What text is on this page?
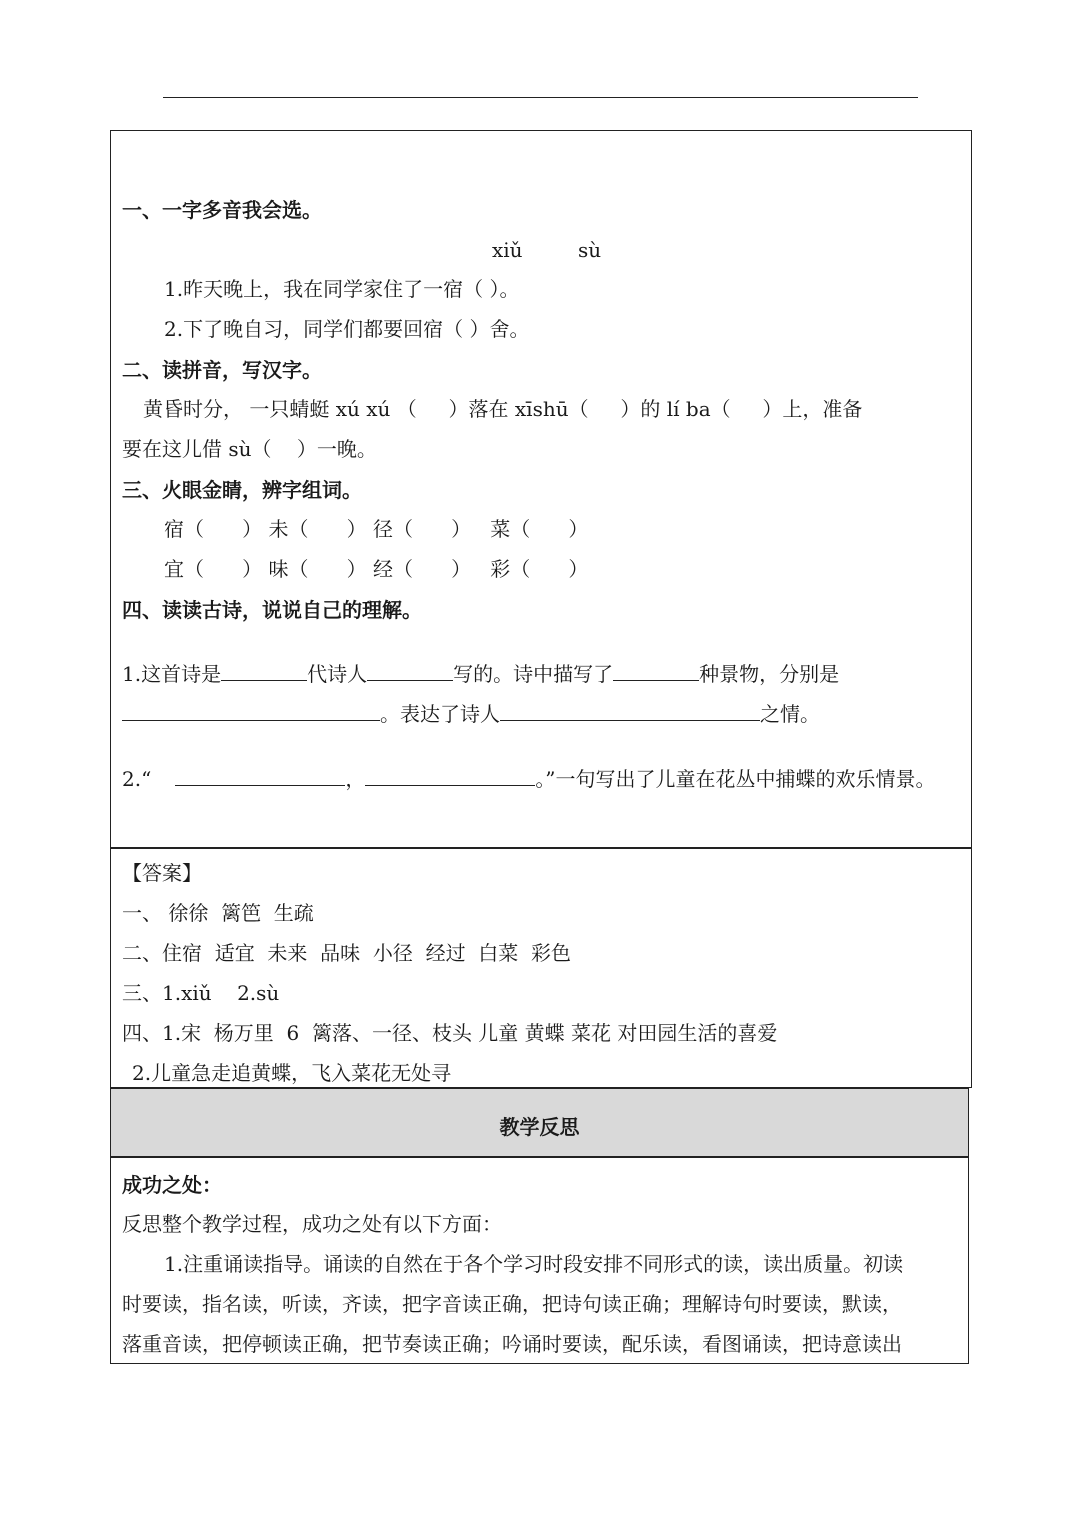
一、一字多音我会选。
xiǔ	sù
1.昨天晚上，我在同学家住了一宿（ ）。
2.下了晚自习，同学们都要回宿（ ）舍。
二、读拼音，写汉字。
黄昏时分， 一只蜻蜓 xú xú （     ）落在 xīshū（     ）的 lí ba（     ）上，准备
要在这儿借 sù（    ）一晚。
三、火眼金睛，辨字组词。
宿（      ） 未（      ） 径（      ）   菜（      ）
宜（      ） 味（      ） 经（      ）   彩（      ）
四、读读古诗，说说自己的理解。
1.这首诗是	代诗人	写的。诗中描写了	种景物，分别是
。表达了诗人	之情。
2.“	，	。”一句写出了儿童在花丛中捕蝶的欢乐情景。
【答案】
一、 徐徐  篱笆  生疏
二、住宿  适宜  未来  品味  小径  经过  白菜  彩色
三、1.xiǔ    2.sù
四、1.宋  杨万里  6  篱落、一径、枝头 儿童 黄蝶 菜花 对田园生活的喜爱
2.儿童急走追黄蝶，飞入菜花无处寻
教学反思
成功之处：
反思整个教学过程，成功之处有以下方面：
1.注重诵读指导。诵读的自然在于各个学习时段安排不同形式的读，读出质量。初读
时要读，指名读，听读，齐读，把字音读正确，把诗句读正确；理解诗句时要读，默读，
落重音读，把停顿读正确，把节奏读正确；吟诵时要读，配乐读，看图诵读，把诗意读出
